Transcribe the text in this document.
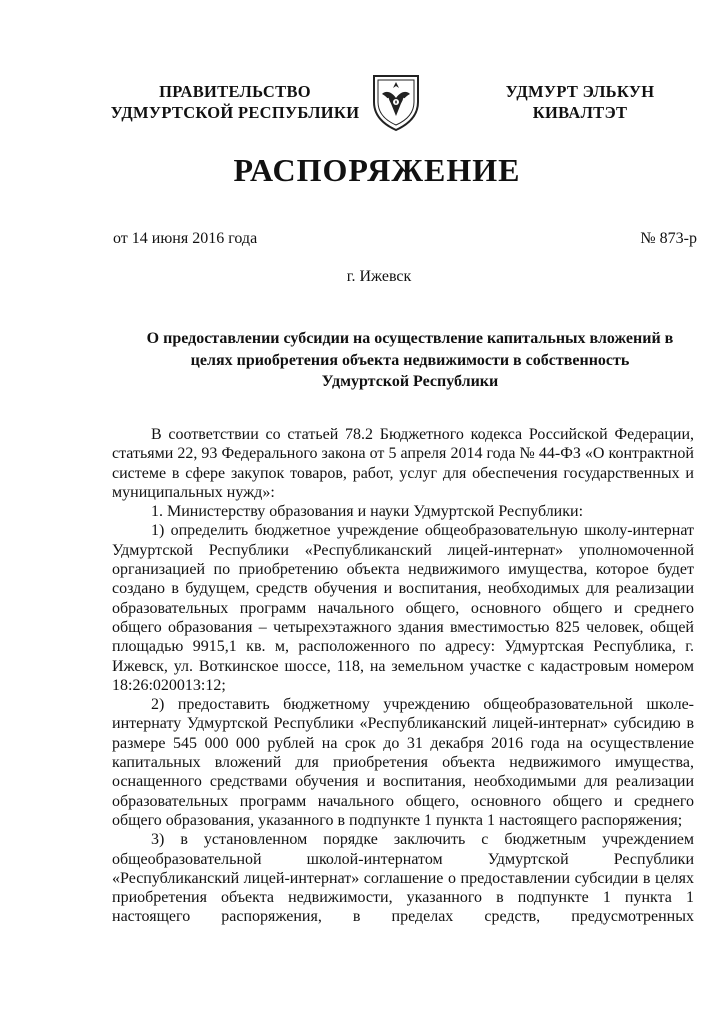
ПРАВИТЕЛЬСТВО
УДМУРТСКОЙ РЕСПУБЛИКИ
УДМУРТ ЭЛЬКУН
КИВАЛТЭТ
РАСПОРЯЖЕНИЕ
от 14 июня 2016 года	№ 873-р
г. Ижевск
О предоставлении субсидии на осуществление капитальных вложений в
целях приобретения объекта недвижимости в собственность
Удмуртской Республики

В соответствии со статьей 78.2 Бюджетного кодекса Российской Федерации, статьями 22, 93 Федерального закона от 5 апреля 2014 года № 44-ФЗ «О контрактной системе в сфере закупок товаров, работ, услуг для обеспечения государственных и муниципальных нужд»:

1. Министерству образования и науки Удмуртской Республики:

1) определить бюджетное учреждение общеобразовательную школу-интернат Удмуртской Республики «Республиканский лицей-интернат» уполномоченной организацией по приобретению объекта недвижимого имущества, которое будет создано в будущем, средств обучения и воспитания, необходимых для реализации образовательных программ начального общего, основного общего и среднего общего образования – четырехэтажного здания вместимостью 825 человек, общей площадью 9915,1 кв. м, расположенного по адресу: Удмуртская Республика, г. Ижевск, ул. Воткинское шоссе, 118, на земельном участке с кадастровым номером 18:26:020013:12;

2) предоставить бюджетному учреждению общеобразовательной школе-интернату Удмуртской Республики «Республиканский лицей-интернат» субсидию в размере 545 000 000 рублей на срок до 31 декабря 2016 года на осуществление капитальных вложений для приобретения объекта недвижимого имущества, оснащенного средствами обучения и воспитания, необходимыми для реализации образовательных программ начального общего, основного общего и среднего общего образования, указанного в подпункте 1 пункта 1 настоящего распоряжения;

3) в установленном порядке заключить с бюджетным учреждением общеобразовательной школой-интернатом Удмуртской Республики «Республиканский лицей-интернат» соглашение о предоставлении субсидии в целях приобретения объекта недвижимости, указанного в подпункте 1 пункта 1 настоящего распоряжения, в пределах средств, предусмотренных
